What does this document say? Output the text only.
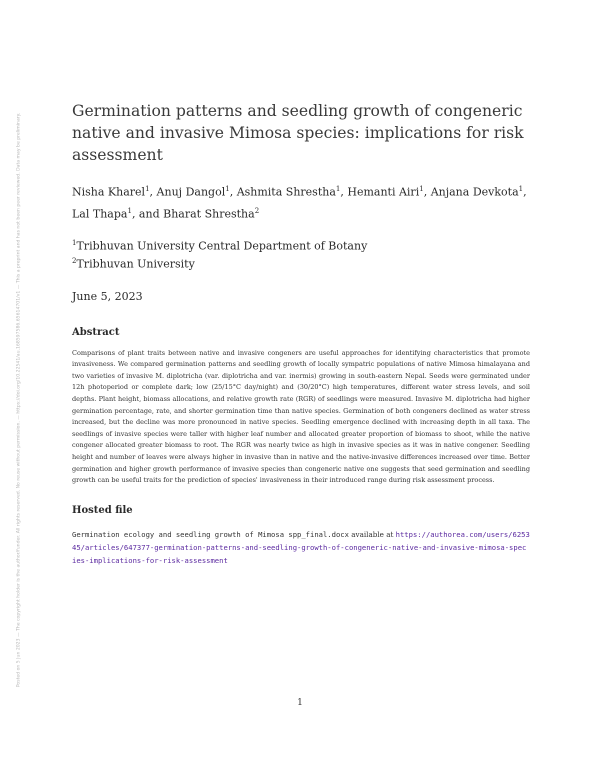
Posted on 5 Jun 2023 — The copyright holder is the author/funder. All rights reserved. No reuse without permission. — https://doi.org/10.22541/au.168597586.65614701/v1 — This a preprint and has not been peer reviewed. Data may be preliminary.
Germination patterns and seedling growth of congeneric native and invasive Mimosa species: implications for risk assessment
Nisha Kharel$^1$, Anuj Dangol$^1$, Ashmita Shrestha$^1$, Hemanti Airi$^1$, Anjana Devkota$^1$, Lal Thapa$^1$, and Bharat Shrestha$^2$
$^1$Tribhuvan University Central Department of Botany
$^2$Tribhuvan University
June 5, 2023
Abstract
Comparisons of plant traits between native and invasive congeners are useful approaches for identifying characteristics that promote invasiveness. We compared germination patterns and seedling growth of locally sympatric populations of native Mimosa himalayana and two varieties of invasive M. diplotricha (var. diplotricha and var. inermis) growing in south-eastern Nepal. Seeds were germinated under 12h photoperiod or complete dark; low (25/15°C day/night) and (30/20°C) high temperatures, different water stress levels, and soil depths. Plant height, biomass allocations, and relative growth rate (RGR) of seedlings were measured. Invasive M. diplotricha had higher germination percentage, rate, and shorter germination time than native species. Germination of both congeners declined as water stress increased, but the decline was more pronounced in native species. Seedling emergence declined with increasing depth in all taxa. The seedlings of invasive species were taller with higher leaf number and allocated greater proportion of biomass to shoot, while the native congener allocated greater biomass to root. The RGR was nearly twice as high in invasive species as it was in native congener. Seedling height and number of leaves were always higher in invasive than in native and the native-invasive differences increased over time. Better germination and higher growth performance of invasive species than congeneric native one suggests that seed germination and seedling growth can be useful traits for the prediction of species' invasiveness in their introduced range during risk assessment process.
Hosted file
Germination ecology and seedling growth of Mimosa spp_final.docx available at https://authorea.com/users/625345/articles/647377-germination-patterns-and-seedling-growth-of-congeneric-native-and-invasive-mimosa-species-implications-for-risk-assessment
1
